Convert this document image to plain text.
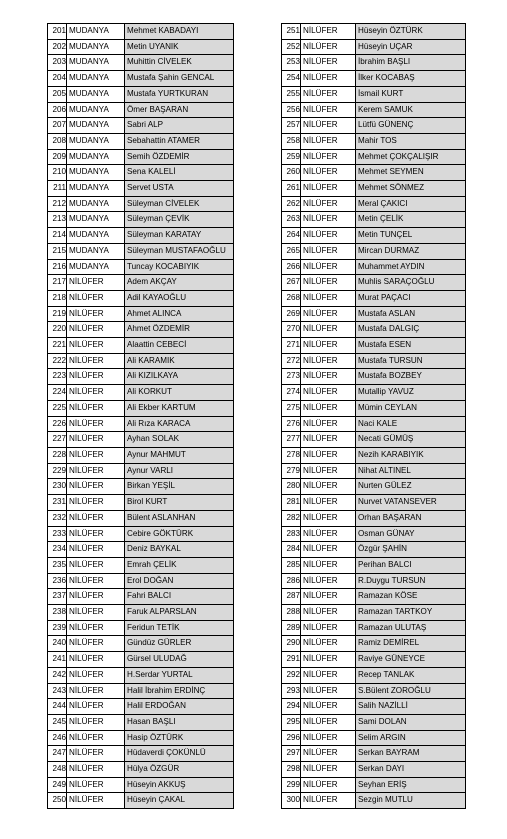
201	MUDANYA	Mehmet KABADAYI
202	MUDANYA	Metin UYANIK
203	MUDANYA	Muhittin CİVELEK
204	MUDANYA	Mustafa Şahin GENCAL
205	MUDANYA	Mustafa YURTKURAN
206	MUDANYA	Ömer BAŞARAN
207	MUDANYA	Sabri ALP
208	MUDANYA	Sebahattin ATAMER
209	MUDANYA	Semih ÖZDEMİR
210	MUDANYA	Sena KALELİ
211	MUDANYA	Servet USTA
212	MUDANYA	Süleyman CİVELEK
213	MUDANYA	Süleyman ÇEVİK
214	MUDANYA	Süleyman KARATAY
215	MUDANYA	Süleyman MUSTAFAOĞLU
216	MUDANYA	Tuncay KOCABIYIK
217	NİLÜFER	Adem AKÇAY
218	NİLÜFER	Adil KAYAOĞLU
219	NİLÜFER	Ahmet ALINCA
220	NİLÜFER	Ahmet ÖZDEMİR
221	NİLÜFER	Alaattin CEBECİ
222	NİLÜFER	Ali KARAMIK
223	NİLÜFER	Ali KIZILKAYA
224	NİLÜFER	Ali KORKUT
225	NİLÜFER	Ali Ekber KARTUM
226	NİLÜFER	Ali Rıza KARACA
227	NİLÜFER	Ayhan SOLAK
228	NİLÜFER	Aynur MAHMUT
229	NİLÜFER	Aynur VARLI
230	NİLÜFER	Birkan YEŞİL
231	NİLÜFER	Birol KURT
232	NİLÜFER	Bülent ASLANHAN
233	NİLÜFER	Cebire GÖKTÜRK
234	NİLÜFER	Deniz BAYKAL
235	NİLÜFER	Emrah ÇELİK
236	NİLÜFER	Erol DOĞAN
237	NİLÜFER	Fahri BALCI
238	NİLÜFER	Faruk ALPARSLAN
239	NİLÜFER	Feridun TETİK
240	NİLÜFER	Gündüz GÜRLER
241	NİLÜFER	Gürsel ULUDAĞ
242	NİLÜFER	H.Serdar YURTAL
243	NİLÜFER	Halil İbrahim ERDİNÇ
244	NİLÜFER	Halil ERDOĞAN
245	NİLÜFER	Hasan BAŞLI
246	NİLÜFER	Hasip ÖZTÜRK
247	NİLÜFER	Hüdaverdi ÇOKÜNLÜ
248	NİLÜFER	Hülya ÖZGÜR
249	NİLÜFER	Hüseyin AKKUŞ
250	NİLÜFER	Hüseyin ÇAKAL
251	NİLÜFER	Hüseyin ÖZTÜRK
252	NİLÜFER	Hüseyin UÇAR
253	NİLÜFER	İbrahim BAŞLI
254	NİLÜFER	İlker KOCABAŞ
255	NİLÜFER	İsmail KURT
256	NİLÜFER	Kerem SAMUK
257	NİLÜFER	Lütfü GÜNENÇ
258	NİLÜFER	Mahir TOS
259	NİLÜFER	Mehmet ÇOKÇALIŞIR
260	NİLÜFER	Mehmet SEYMEN
261	NİLÜFER	Mehmet SÖNMEZ
262	NİLÜFER	Meral ÇAKICI
263	NİLÜFER	Metin ÇELİK
264	NİLÜFER	Metin TUNÇEL
265	NİLÜFER	Mircan DURMAZ
266	NİLÜFER	Muhammet AYDIN
267	NİLÜFER	Muhlis SARAÇOĞLU
268	NİLÜFER	Murat PAÇACI
269	NİLÜFER	Mustafa ASLAN
270	NİLÜFER	Mustafa DALGIÇ
271	NİLÜFER	Mustafa ESEN
272	NİLÜFER	Mustafa TURSUN
273	NİLÜFER	Mustafa BOZBEY
274	NİLÜFER	Mutallip YAVUZ
275	NİLÜFER	Mümin CEYLAN
276	NİLÜFER	Naci KALE
277	NİLÜFER	Necati GÜMÜŞ
278	NİLÜFER	Nezih KARABIYIK
279	NİLÜFER	Nihat ALTINEL
280	NİLÜFER	Nurten GÜLEZ
281	NİLÜFER	Nurvet VATANSEVER
282	NİLÜFER	Orhan BAŞARAN
283	NİLÜFER	Osman GÜNAY
284	NİLÜFER	Özgür ŞAHİN
285	NİLÜFER	Perihan BALCI
286	NİLÜFER	R.Duygu TURSUN
287	NİLÜFER	Ramazan KÖSE
288	NİLÜFER	Ramazan TARTKOY
289	NİLÜFER	Ramazan ULUTAŞ
290	NİLÜFER	Ramiz DEMİREL
291	NİLÜFER	Raviye GÜNEYCE
292	NİLÜFER	Recep TANLAK
293	NİLÜFER	S.Bülent ZOROĞLU
294	NİLÜFER	Salih NAZİLLİ
295	NİLÜFER	Sami DOLAN
296	NİLÜFER	Selim ARGIN
297	NİLÜFER	Serkan BAYRAM
298	NİLÜFER	Serkan DAYI
299	NİLÜFER	Seyhan ERİŞ
300	NİLÜFER	Sezgin MUTLU
